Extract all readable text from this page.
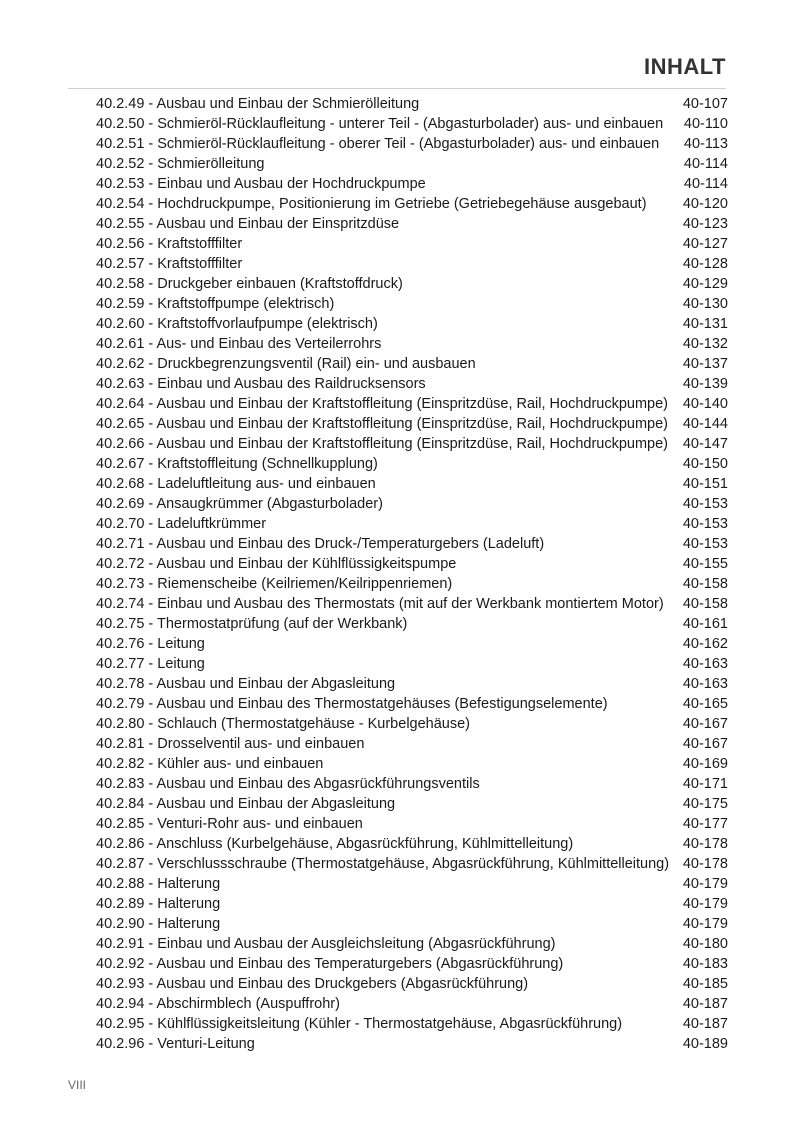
INHALT
40.2.49 - Ausbau und Einbau der Schmierölleitung	40-107
40.2.50 - Schmieröl-Rücklaufleitung - unterer Teil - (Abgasturbolader) aus- und einbauen 40-110
40.2.51 - Schmieröl-Rücklaufleitung - oberer Teil - (Abgasturbolader) aus- und einbauen 40-113
40.2.52 - Schmierölleitung	40-114
40.2.53 - Einbau und Ausbau der Hochdruckpumpe	40-114
40.2.54 - Hochdruckpumpe, Positionierung im Getriebe (Getriebegehäuse ausgebaut)	40-120
40.2.55 - Ausbau und Einbau der Einspritzdüse	40-123
40.2.56 - Kraftstofffilter	40-127
40.2.57 - Kraftstofffilter	40-128
40.2.58 - Druckgeber einbauen (Kraftstoffdruck)	40-129
40.2.59 - Kraftstoffpumpe (elektrisch)	40-130
40.2.60 - Kraftstoffvorlaufpumpe (elektrisch)	40-131
40.2.61 - Aus- und Einbau des Verteilerrohrs	40-132
40.2.62 - Druckbegrenzungsventil (Rail) ein- und ausbauen	40-137
40.2.63 - Einbau und Ausbau des Raildrucksensors	40-139
40.2.64 - Ausbau und Einbau der Kraftstoffleitung (Einspritzdüse, Rail, Hochdruckpumpe) 40-140
40.2.65 - Ausbau und Einbau der Kraftstoffleitung (Einspritzdüse, Rail, Hochdruckpumpe) 40-144
40.2.66 - Ausbau und Einbau der Kraftstoffleitung (Einspritzdüse, Rail, Hochdruckpumpe) 40-147
40.2.67 - Kraftstoffleitung (Schnellkupplung)	40-150
40.2.68 - Ladeluftleitung aus- und einbauen	40-151
40.2.69 - Ansaugkrümmer (Abgasturbolader)	40-153
40.2.70 - Ladeluftkrümmer	40-153
40.2.71 - Ausbau und Einbau des Druck-/Temperaturgebers (Ladeluft)	40-153
40.2.72 - Ausbau und Einbau der Kühlflüssigkeitspumpe	40-155
40.2.73 - Riemenscheibe (Keilriemen/Keilrippenriemen)	40-158
40.2.74 - Einbau und Ausbau des Thermostats (mit auf der Werkbank montiertem Motor) 40-158
40.2.75 - Thermostatprüfung (auf der Werkbank)	40-161
40.2.76 - Leitung	40-162
40.2.77 - Leitung	40-163
40.2.78 - Ausbau und Einbau der Abgasleitung	40-163
40.2.79 - Ausbau und Einbau des Thermostatgehäuses (Befestigungselemente)	40-165
40.2.80 - Schlauch (Thermostatgehäuse - Kurbelgehäuse)	40-167
40.2.81 - Drosselventil aus- und einbauen	40-167
40.2.82 - Kühler aus- und einbauen	40-169
40.2.83 - Ausbau und Einbau des Abgasrückführungsventils	40-171
40.2.84 - Ausbau und Einbau der Abgasleitung	40-175
40.2.85 - Venturi-Rohr aus- und einbauen	40-177
40.2.86 - Anschluss (Kurbelgehäuse, Abgasrückführung, Kühlmittelleitung)	40-178
40.2.87 - Verschlussschraube (Thermostatgehäuse, Abgasrückführung, Kühlmittelleitung) 40-178
40.2.88 - Halterung	40-179
40.2.89 - Halterung	40-179
40.2.90 - Halterung	40-179
40.2.91 - Einbau und Ausbau der Ausgleichsleitung (Abgasrückführung)	40-180
40.2.92 - Ausbau und Einbau des Temperaturgebers (Abgasrückführung)	40-183
40.2.93 - Ausbau und Einbau des Druckgebers (Abgasrückführung)	40-185
40.2.94 - Abschirmblech (Auspuffrohr)	40-187
40.2.95 - Kühlflüssigkeitsleitung (Kühler - Thermostatgehäuse, Abgasrückführung)	40-187
40.2.96 - Venturi-Leitung	40-189
VIII
